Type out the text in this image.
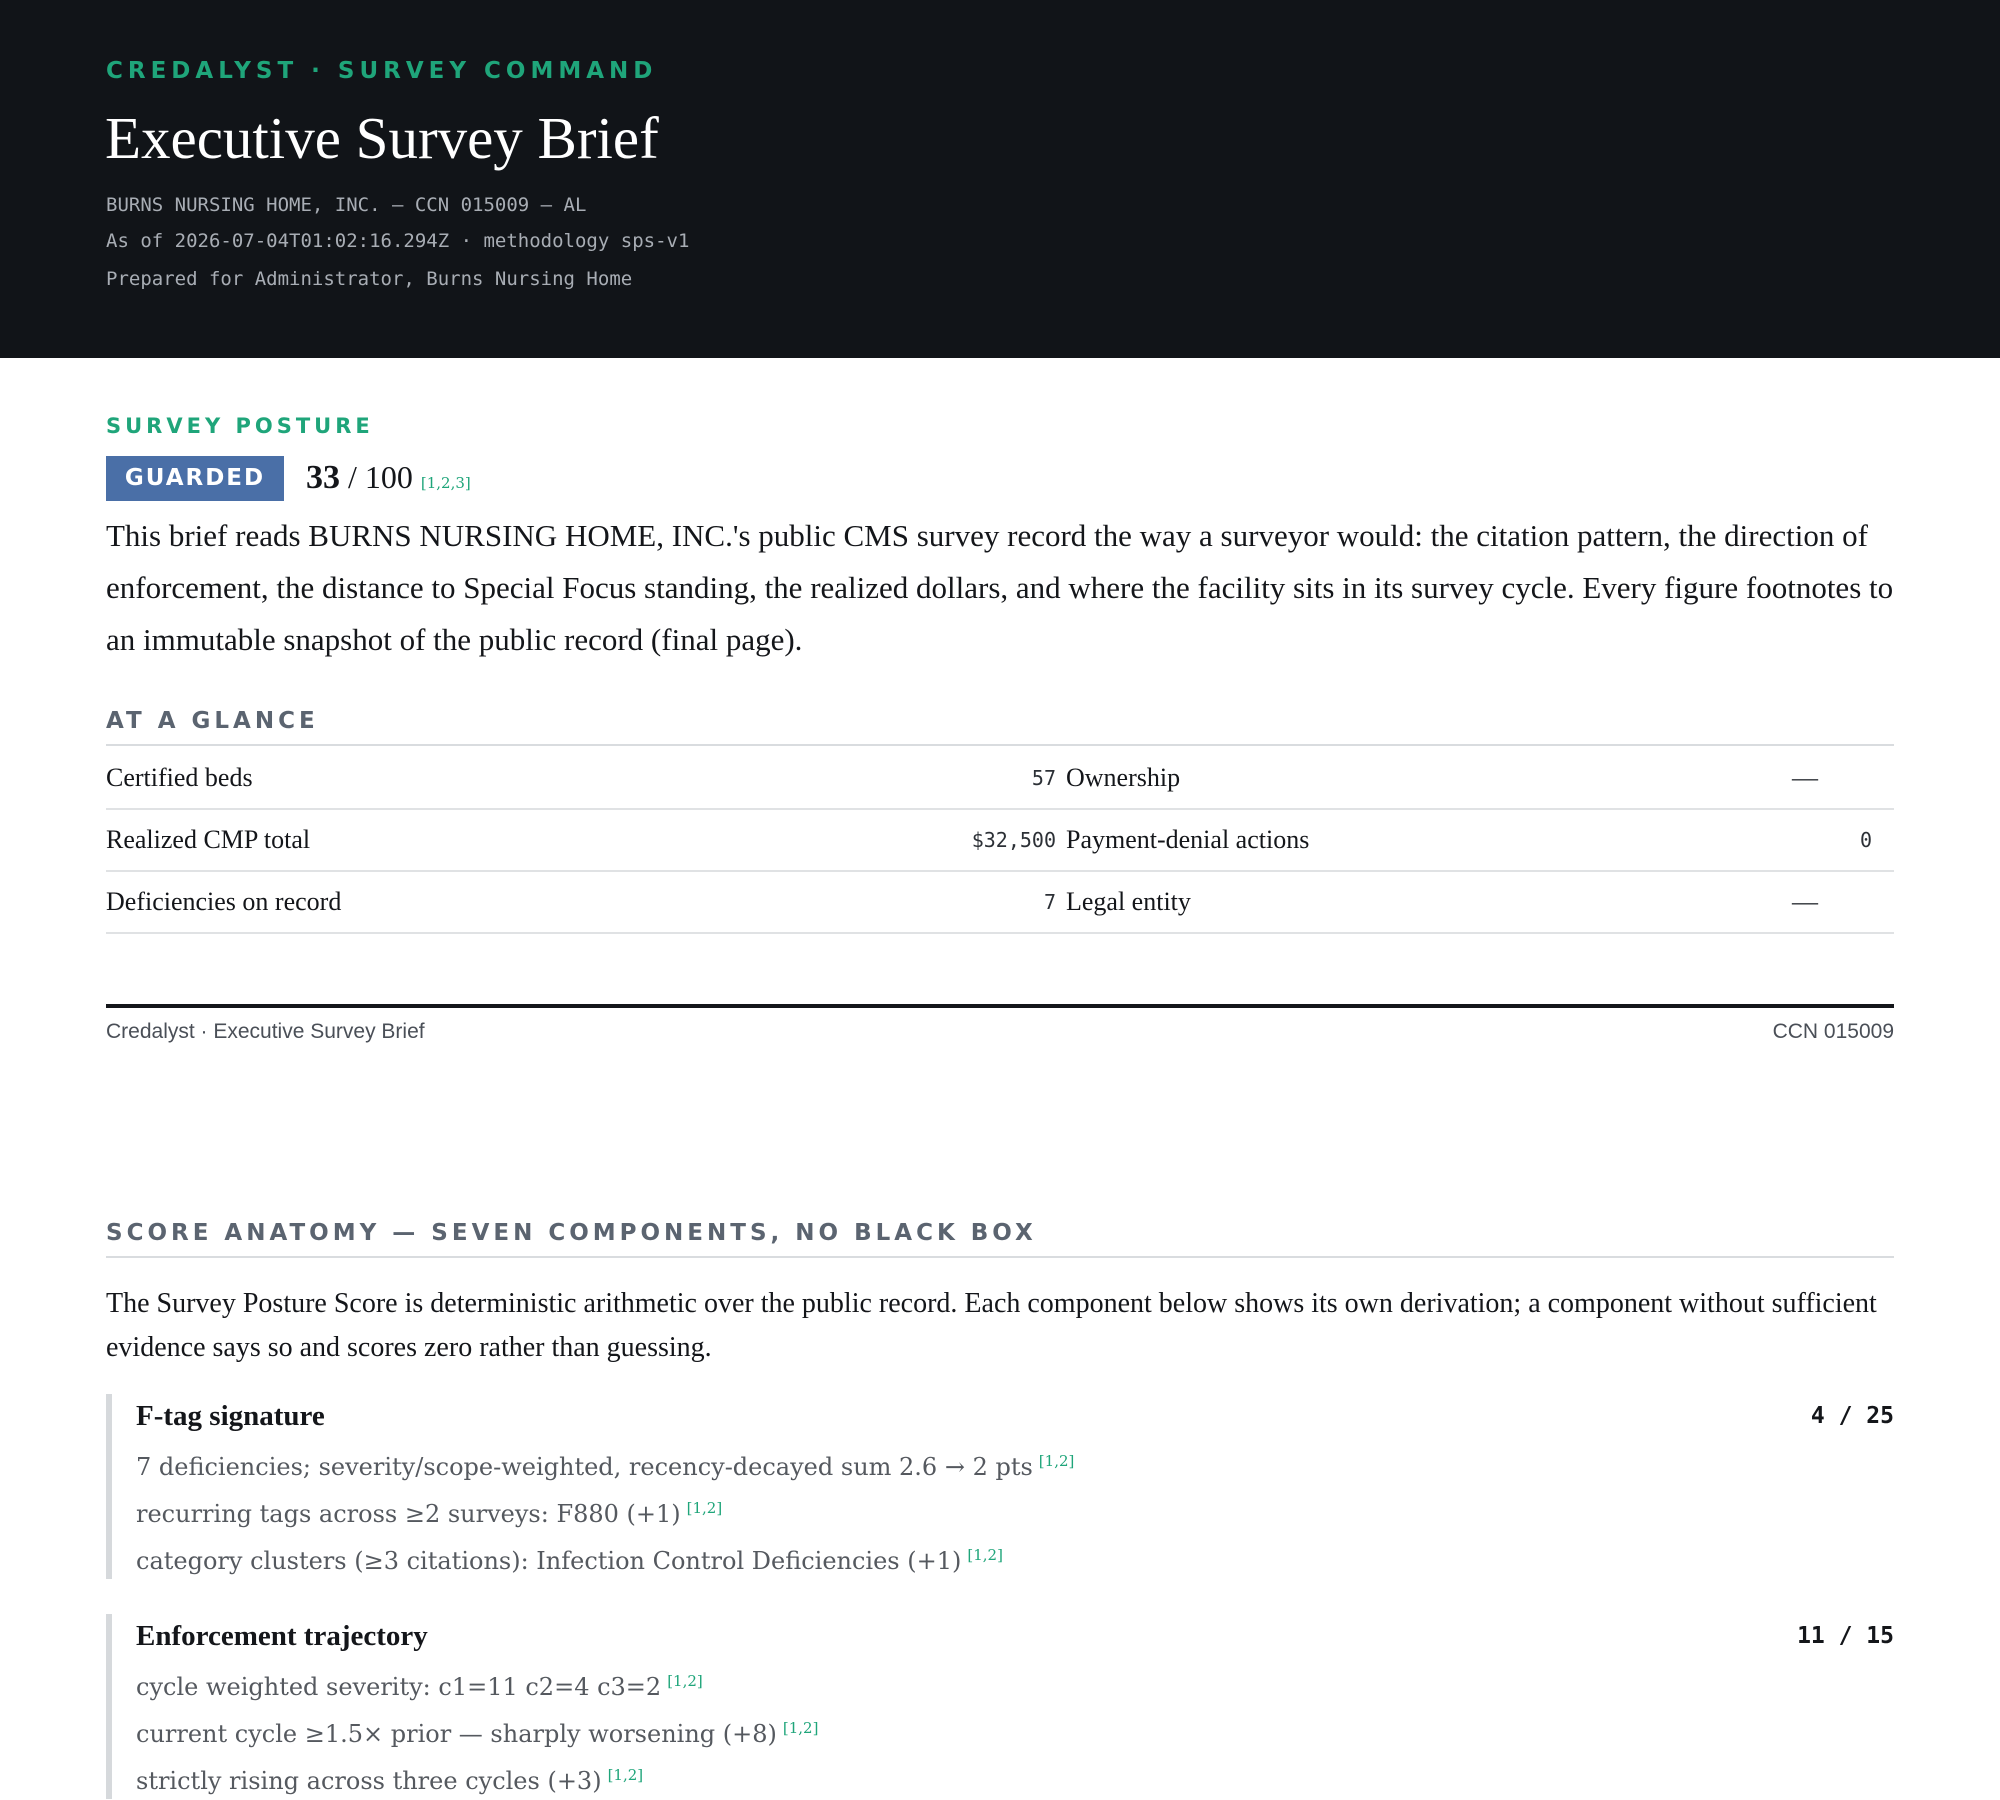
CREDALYST · SURVEY COMMAND
Executive Survey Brief
BURNS NURSING HOME, INC. — CCN 015009 — AL
As of 2026-07-04T01:02:16.294Z · methodology sps-v1
Prepared for Administrator, Burns Nursing Home
SURVEY POSTURE
GUARDED	33 / 100 [1,2,3]
This brief reads BURNS NURSING HOME, INC.'s public CMS survey record the way a surveyor would: the citation pattern, the direction of enforcement, the distance to Special Focus standing, the realized dollars, and where the facility sits in its survey cycle. Every figure footnotes to an immutable snapshot of the public record (final page).
AT A GLANCE
Certified beds	57 Ownership	—
Realized CMP total	$32,500 Payment-denial actions	0
Deficiencies on record	7 Legal entity	—
Credalyst · Executive Survey Brief	CCN 015009
SCORE ANATOMY — SEVEN COMPONENTS, NO BLACK BOX
The Survey Posture Score is deterministic arithmetic over the public record. Each component below shows its own derivation; a component without sufficient evidence says so and scores zero rather than guessing.
F-tag signature	4 / 25
7 deficiencies; severity/scope-weighted, recency-decayed sum 2.6 → 2 pts [1,2]
recurring tags across ≥2 surveys: F880 (+1) [1,2]
category clusters (≥3 citations): Infection Control Deficiencies (+1) [1,2]
Enforcement trajectory	11 / 15
cycle weighted severity: c1=11 c2=4 c3=2 [1,2]
current cycle ≥1.5× prior — sharply worsening (+8) [1,2]
strictly rising across three cycles (+3) [1,2]
